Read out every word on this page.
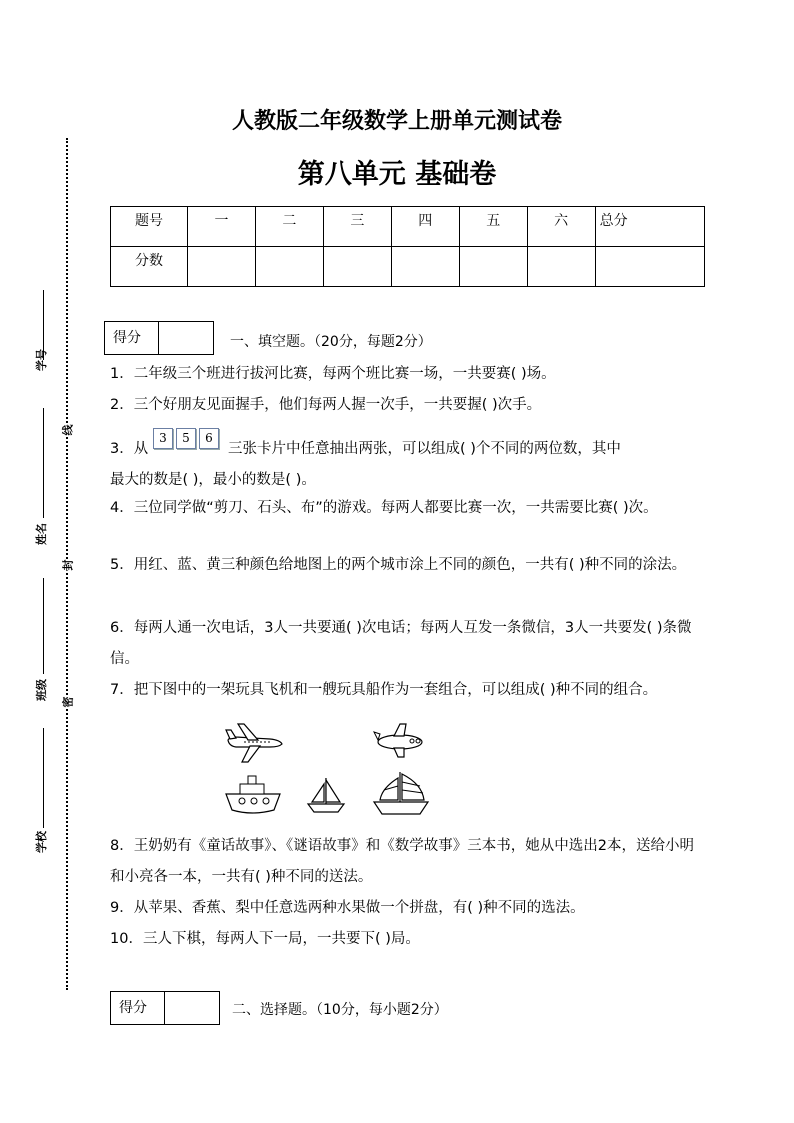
学号
姓名
班级
学校
线
封
密
人教版二年级数学上册单元测试卷
第八单元 基础卷
题号	一	二	三	四	五	六	总分
分数							
得分	一、填空题。（20分，每题2分）
1．二年级三个班进行拔河比赛，每两个班比赛一场，一共要赛( )场。
2．三个好朋友见面握手，他们每两人握一次手，一共要握( )次手。
3．从
3 5 6
三张卡片中任意抽出两张，可以组成( )个不同的两位数，其中
最大的数是( )，最小的数是( )。
4．三位同学做“剪刀、石头、布”的游戏。每两人都要比赛一次，一共需要比赛( )次。
5．用红、蓝、黄三种颜色给地图上的两个城市涂上不同的颜色，一共有( )种不同的涂法。
6．每两人通一次电话，3人一共要通( )次电话；每两人互发一条微信，3人一共要发( )条微信。
7．把下图中的一架玩具飞机和一艘玩具船作为一套组合，可以组成( )种不同的组合。
8．王奶奶有《童话故事》、《谜语故事》和《数学故事》三本书，她从中选出2本，送给小明和小亮各一本，一共有( )种不同的送法。
9．从苹果、香蕉、梨中任意选两种水果做一个拼盘，有( )种不同的选法。
10．三人下棋，每两人下一局，一共要下( )局。
得分	二、选择题。（10分，每小题2分）
